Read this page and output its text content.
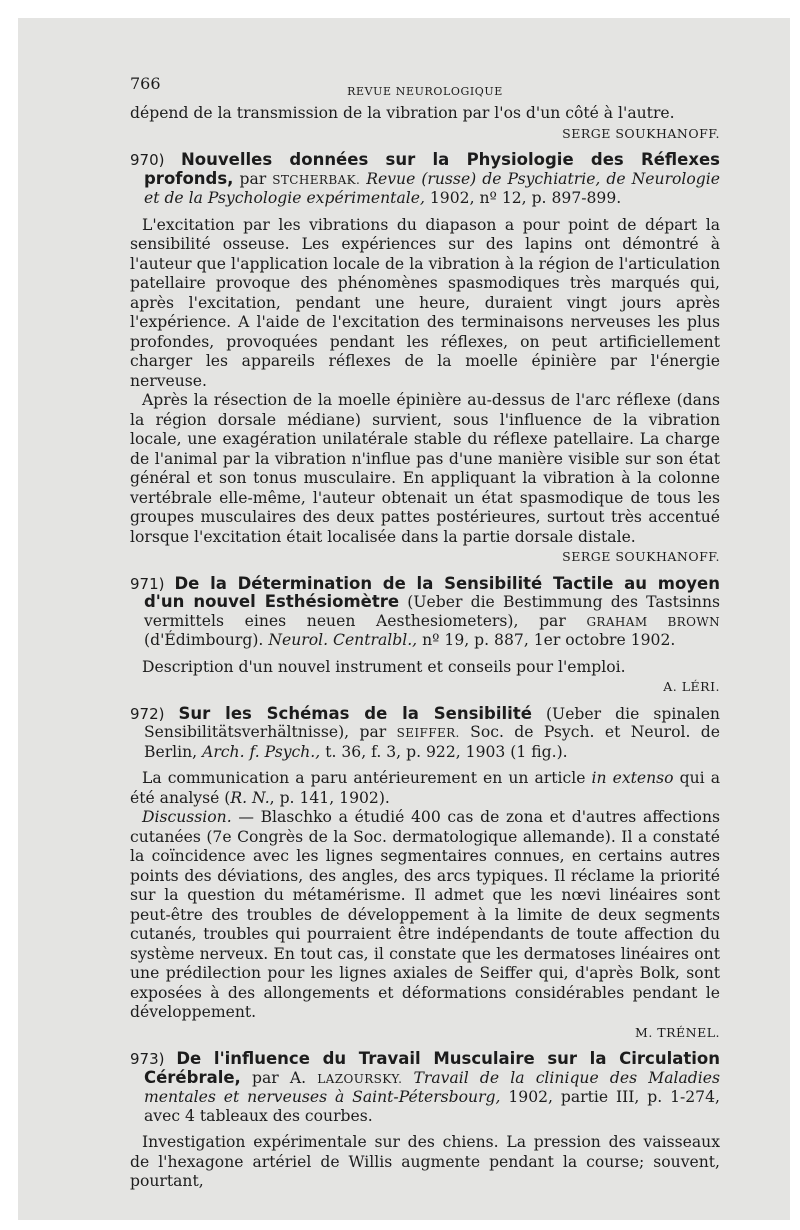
766	REVUE NEUROLOGIQUE

dépend de la transmission de la vibration par l'os d'un côté à l'autre.

SERGE SOUKHANOFF.

970) Nouvelles données sur la Physiologie des Réflexes profonds, par STCHERBAK. Revue (russe) de Psychiatrie, de Neurologie et de la Psychologie expérimentale, 1902, nº 12, p. 897-899.

L'excitation par les vibrations du diapason a pour point de départ la sensibilité osseuse. Les expériences sur des lapins ont démontré à l'auteur que l'application locale de la vibration à la région de l'articulation patellaire provoque des phénomènes spasmodiques très marqués qui, après l'excitation, pendant une heure, duraient vingt jours après l'expérience. A l'aide de l'excitation des terminaisons nerveuses les plus profondes, provoquées pendant les réflexes, on peut artificiellement charger les appareils réflexes de la moelle épinière par l'énergie nerveuse.

Après la résection de la moelle épinière au-dessus de l'arc réflexe (dans la région dorsale médiane) survient, sous l'influence de la vibration locale, une exagération unilatérale stable du réflexe patellaire. La charge de l'animal par la vibration n'influe pas d'une manière visible sur son état général et son tonus musculaire. En appliquant la vibration à la colonne vertébrale elle-même, l'auteur obtenait un état spasmodique de tous les groupes musculaires des deux pattes postérieures, surtout très accentué lorsque l'excitation était localisée dans la partie dorsale distale.

SERGE SOUKHANOFF.

971) De la Détermination de la Sensibilité Tactile au moyen d'un nouvel Esthésiomètre (Ueber die Bestimmung des Tastsinns vermittels eines neuen Aesthesiometers), par GRAHAM BROWN (d'Édimbourg). Neurol. Centralbl., nº 19, p. 887, 1er octobre 1902.

Description d'un nouvel instrument et conseils pour l'emploi.

A. LÉRI.

972) Sur les Schémas de la Sensibilité (Ueber die spinalen Sensibilitätsverhältnisse), par SEIFFER. Soc. de Psych. et Neurol. de Berlin, Arch. f. Psych., t. 36, f. 3, p. 922, 1903 (1 fig.).

La communication a paru antérieurement en un article in extenso qui a été analysé (R. N., p. 141, 1902).

Discussion. — Blaschko a étudié 400 cas de zona et d'autres affections cutanées (7e Congrès de la Soc. dermatologique allemande). Il a constaté la coïncidence avec les lignes segmentaires connues, en certains autres points des déviations, des angles, des arcs typiques. Il réclame la priorité sur la question du métamérisme. Il admet que les nœvi linéaires sont peut-être des troubles de développement à la limite de deux segments cutanés, troubles qui pourraient être indépendants de toute affection du système nerveux. En tout cas, il constate que les dermatoses linéaires ont une prédilection pour les lignes axiales de Seiffer qui, d'après Bolk, sont exposées à des allongements et déformations considérables pendant le développement.

M. TRÉNEL.

973) De l'influence du Travail Musculaire sur la Circulation Cérébrale, par A. LAZOURSKY. Travail de la clinique des Maladies mentales et nerveuses à Saint-Pétersbourg, 1902, partie III, p. 1-274, avec 4 tableaux des courbes.

Investigation expérimentale sur des chiens. La pression des vaisseaux de l'hexagone artériel de Willis augmente pendant la course; souvent, pourtant,
